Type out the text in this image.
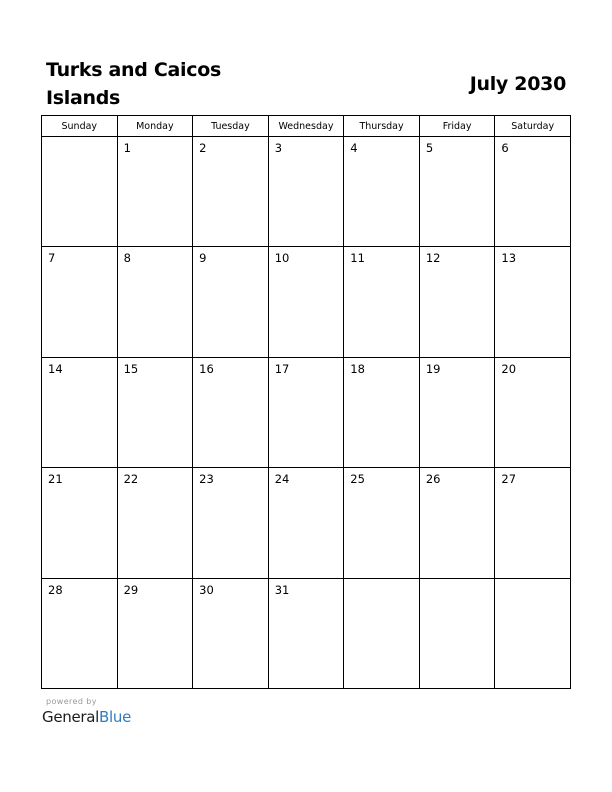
Turks and Caicos
Islands
July 2030
Sunday	Monday	Tuesday	Wednesday	Thursday	Friday	Saturday

	1	2	3	4	5	6

7	8	9	10	11	12	13

14	15	16	17	18	19	20

21	22	23	24	25	26	27

28	29	30	31			

powered by
GeneralBlue
